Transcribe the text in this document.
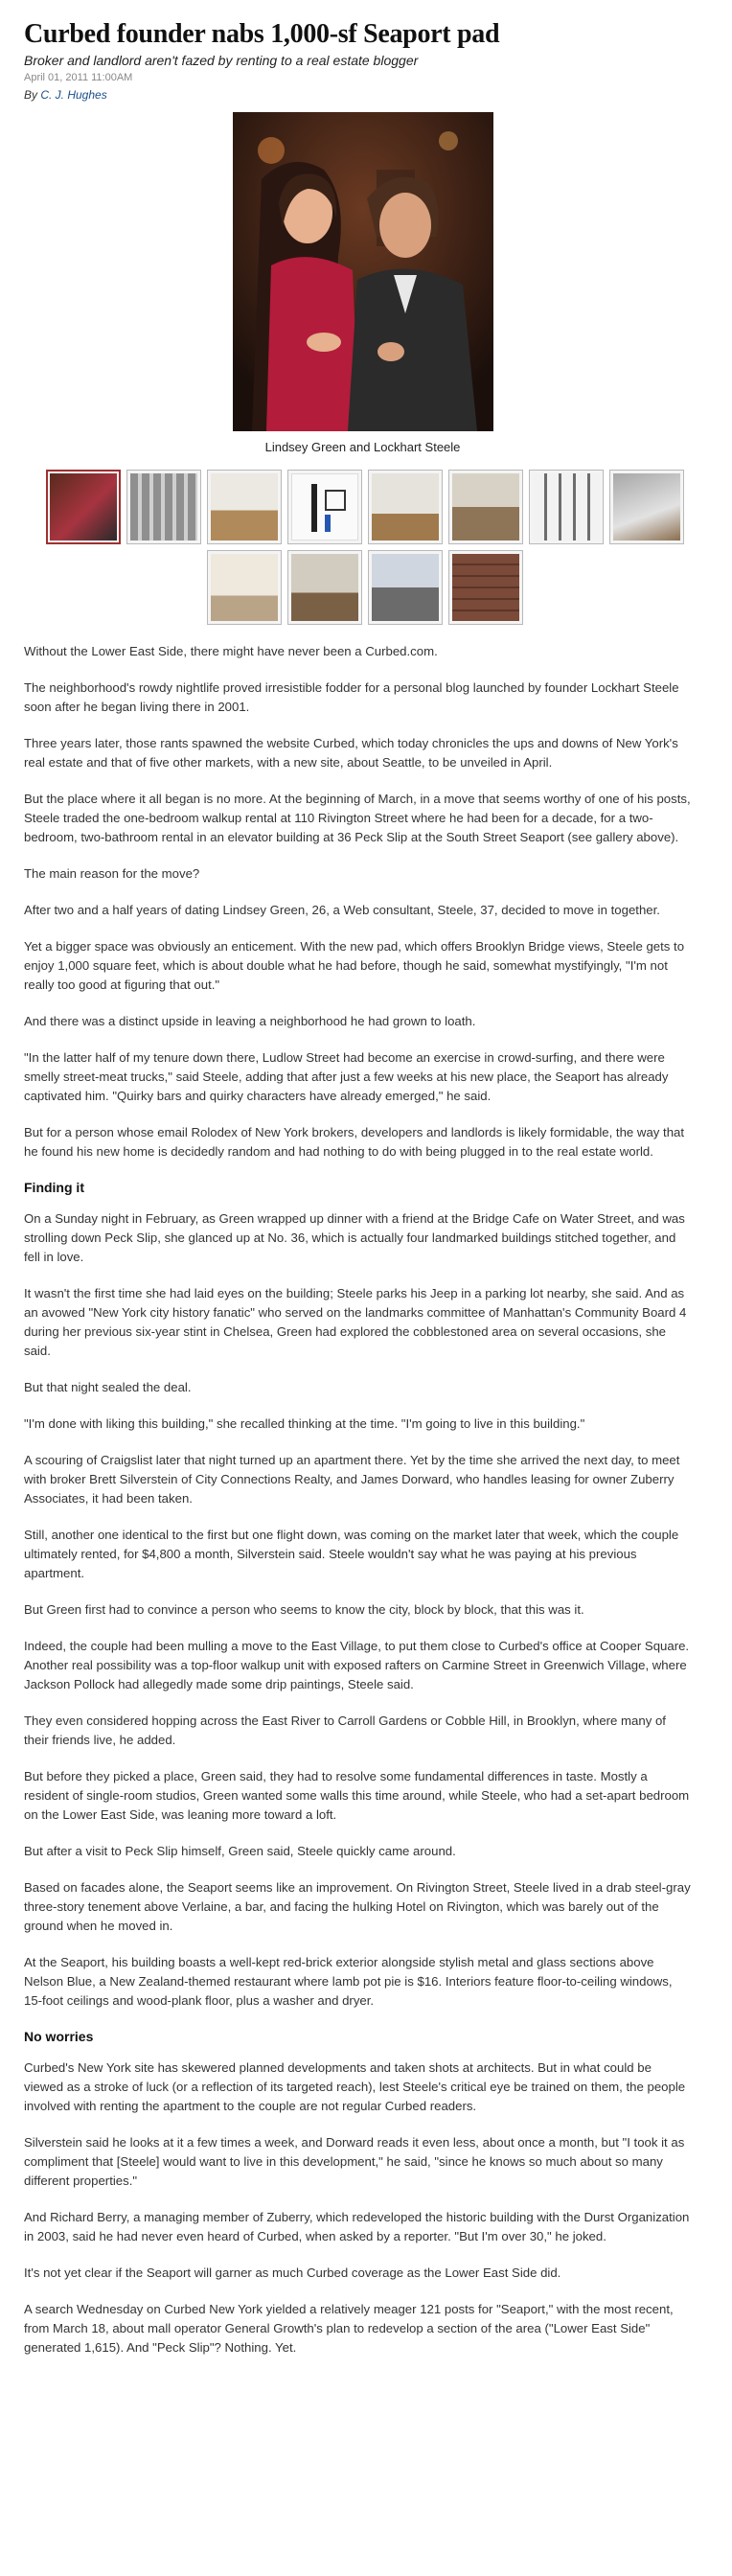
Curbed founder nabs 1,000-sf Seaport pad
Broker and landlord aren't fazed by renting to a real estate blogger
April 01, 2011 11:00AM
By C. J. Hughes
Lindsey Green and Lockhart Steele

Without the Lower East Side, there might have never been a Curbed.com.

The neighborhood's rowdy nightlife proved irresistible fodder for a personal blog launched by founder Lockhart Steele soon after he began living there in 2001.

Three years later, those rants spawned the website Curbed, which today chronicles the ups and downs of New York's real estate and that of five other markets, with a new site, about Seattle, to be unveiled in April.

But the place where it all began is no more. At the beginning of March, in a move that seems worthy of one of his posts, Steele traded the one-bedroom walkup rental at 110 Rivington Street where he had been for a decade, for a two-bedroom, two-bathroom rental in an elevator building at 36 Peck Slip at the South Street Seaport (see gallery above).

The main reason for the move?

After two and a half years of dating Lindsey Green, 26, a Web consultant, Steele, 37, decided to move in together.

Yet a bigger space was obviously an enticement. With the new pad, which offers Brooklyn Bridge views, Steele gets to enjoy 1,000 square feet, which is about double what he had before, though he said, somewhat mystifyingly, "I'm not really too good at figuring that out."

And there was a distinct upside in leaving a neighborhood he had grown to loath.

"In the latter half of my tenure down there, Ludlow Street had become an exercise in crowd-surfing, and there were smelly street-meat trucks," said Steele, adding that after just a few weeks at his new place, the Seaport has already captivated him. "Quirky bars and quirky characters have already emerged," he said.

But for a person whose email Rolodex of New York brokers, developers and landlords is likely formidable, the way that he found his new home is decidedly random and had nothing to do with being plugged in to the real estate world.

Finding it

On a Sunday night in February, as Green wrapped up dinner with a friend at the Bridge Cafe on Water Street, and was strolling down Peck Slip, she glanced up at No. 36, which is actually four landmarked buildings stitched together, and fell in love.

It wasn't the first time she had laid eyes on the building; Steele parks his Jeep in a parking lot nearby, she said. And as an avowed "New York city history fanatic" who served on the landmarks committee of Manhattan's Community Board 4 during her previous six-year stint in Chelsea, Green had explored the cobblestoned area on several occasions, she said.

But that night sealed the deal.

"I'm done with liking this building," she recalled thinking at the time. "I'm going to live in this building."

A scouring of Craigslist later that night turned up an apartment there. Yet by the time she arrived the next day, to meet with broker Brett Silverstein of City Connections Realty, and James Dorward, who handles leasing for owner Zuberry Associates, it had been taken.

Still, another one identical to the first but one flight down, was coming on the market later that week, which the couple ultimately rented, for $4,800 a month, Silverstein said. Steele wouldn't say what he was paying at his previous apartment.

But Green first had to convince a person who seems to know the city, block by block, that this was it.

Indeed, the couple had been mulling a move to the East Village, to put them close to Curbed's office at Cooper Square. Another real possibility was a top-floor walkup unit with exposed rafters on Carmine Street in Greenwich Village, where Jackson Pollock had allegedly made some drip paintings, Steele said.

They even considered hopping across the East River to Carroll Gardens or Cobble Hill, in Brooklyn, where many of their friends live, he added.

But before they picked a place, Green said, they had to resolve some fundamental differences in taste. Mostly a resident of single-room studios, Green wanted some walls this time around, while Steele, who had a set-apart bedroom on the Lower East Side, was leaning more toward a loft.

But after a visit to Peck Slip himself, Green said, Steele quickly came around.

Based on facades alone, the Seaport seems like an improvement. On Rivington Street, Steele lived in a drab steel-gray three-story tenement above Verlaine, a bar, and facing the hulking Hotel on Rivington, which was barely out of the ground when he moved in.

At the Seaport, his building boasts a well-kept red-brick exterior alongside stylish metal and glass sections above Nelson Blue, a New Zealand-themed restaurant where lamb pot pie is $16. Interiors feature floor-to-ceiling windows, 15-foot ceilings and wood-plank floor, plus a washer and dryer.

No worries

Curbed's New York site has skewered planned developments and taken shots at architects. But in what could be viewed as a stroke of luck (or a reflection of its targeted reach), lest Steele's critical eye be trained on them, the people involved with renting the apartment to the couple are not regular Curbed readers.

Silverstein said he looks at it a few times a week, and Dorward reads it even less, about once a month, but "I took it as compliment that [Steele] would want to live in this development," he said, "since he knows so much about so many different properties."

And Richard Berry, a managing member of Zuberry, which redeveloped the historic building with the Durst Organization in 2003, said he had never even heard of Curbed, when asked by a reporter. "But I'm over 30," he joked.

It's not yet clear if the Seaport will garner as much Curbed coverage as the Lower East Side did.

A search Wednesday on Curbed New York yielded a relatively meager 121 posts for "Seaport," with the most recent, from March 18, about mall operator General Growth's plan to redevelop a section of the area ("Lower East Side" generated 1,615). And "Peck Slip"? Nothing. Yet.
